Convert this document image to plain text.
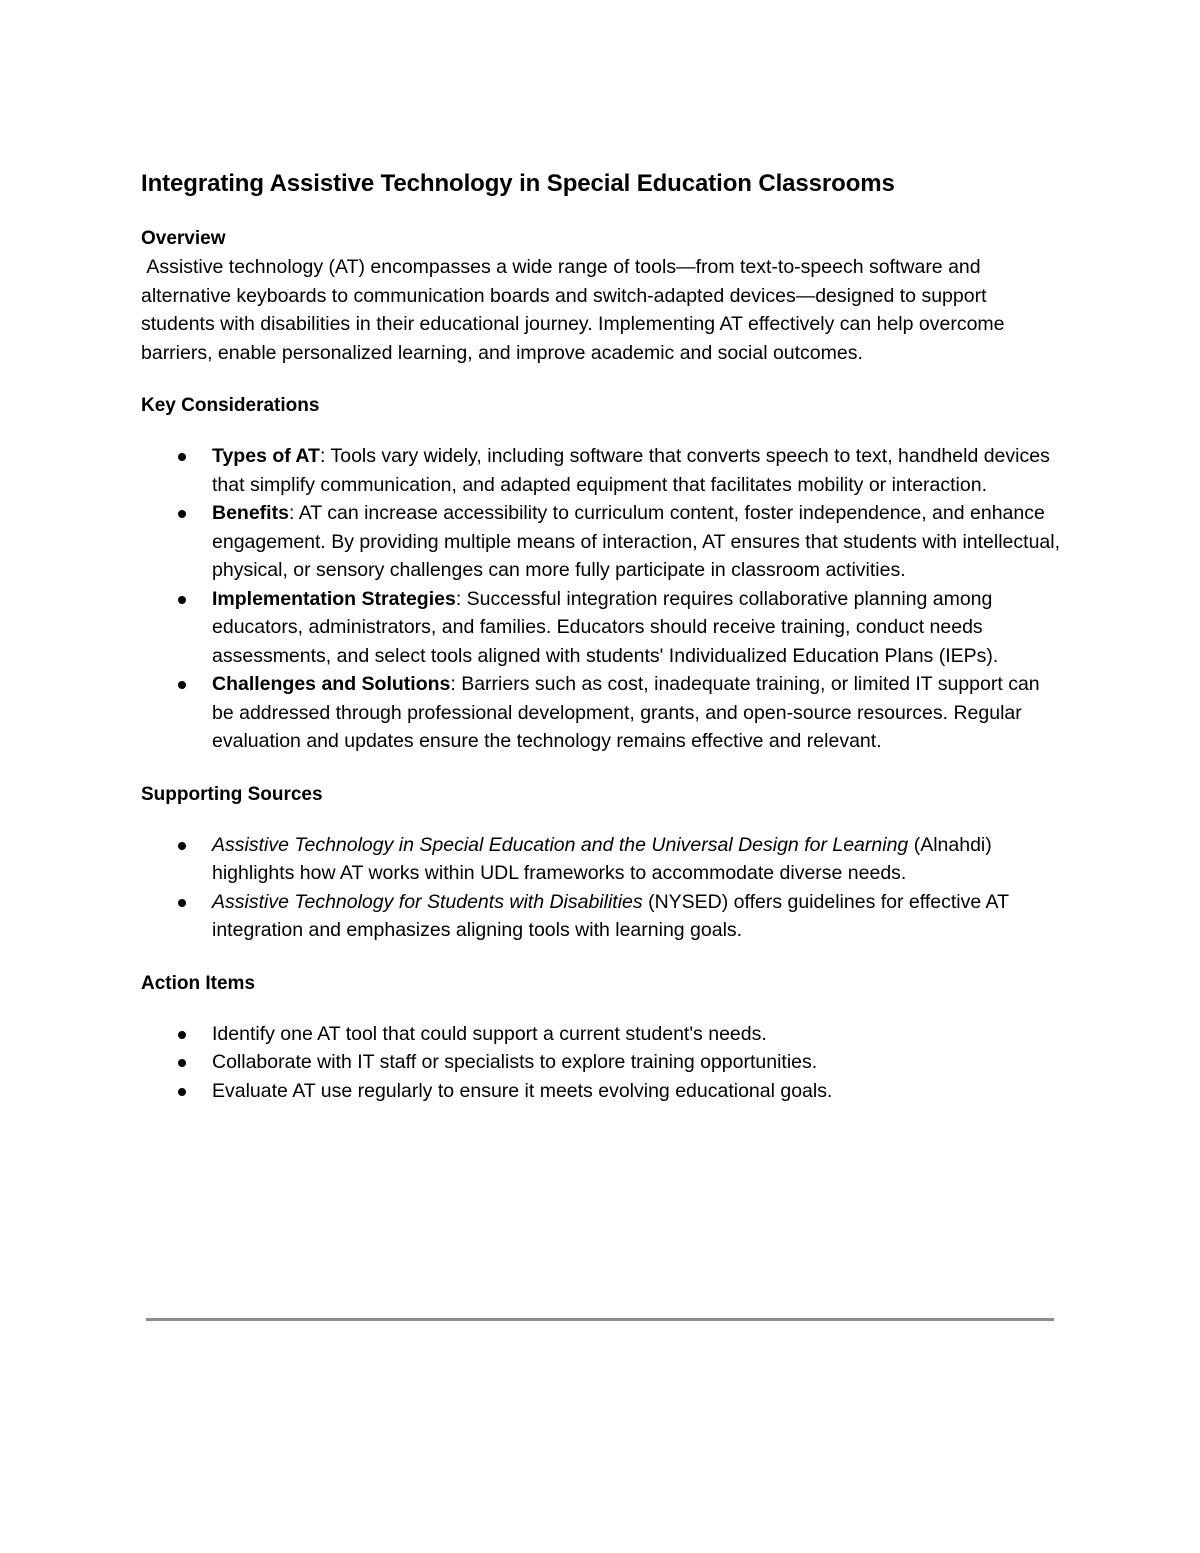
Integrating Assistive Technology in Special Education Classrooms
Overview

Assistive technology (AT) encompasses a wide range of tools—from text-to-speech software and alternative keyboards to communication boards and switch-adapted devices—designed to support students with disabilities in their educational journey. Implementing AT effectively can help overcome barriers, enable personalized learning, and improve academic and social outcomes.

Key Considerations
Types of AT: Tools vary widely, including software that converts speech to text, handheld devices that simplify communication, and adapted equipment that facilitates mobility or interaction.
Benefits: AT can increase accessibility to curriculum content, foster independence, and enhance engagement. By providing multiple means of interaction, AT ensures that students with intellectual, physical, or sensory challenges can more fully participate in classroom activities.
Implementation Strategies: Successful integration requires collaborative planning among educators, administrators, and families. Educators should receive training, conduct needs assessments, and select tools aligned with students' Individualized Education Plans (IEPs).
Challenges and Solutions: Barriers such as cost, inadequate training, or limited IT support can be addressed through professional development, grants, and open-source resources. Regular evaluation and updates ensure the technology remains effective and relevant.
Supporting Sources
Assistive Technology in Special Education and the Universal Design for Learning (Alnahdi) highlights how AT works within UDL frameworks to accommodate diverse needs.
Assistive Technology for Students with Disabilities (NYSED) offers guidelines for effective AT integration and emphasizes aligning tools with learning goals.
Action Items
Identify one AT tool that could support a current student's needs.
Collaborate with IT staff or specialists to explore training opportunities.
Evaluate AT use regularly to ensure it meets evolving educational goals.
